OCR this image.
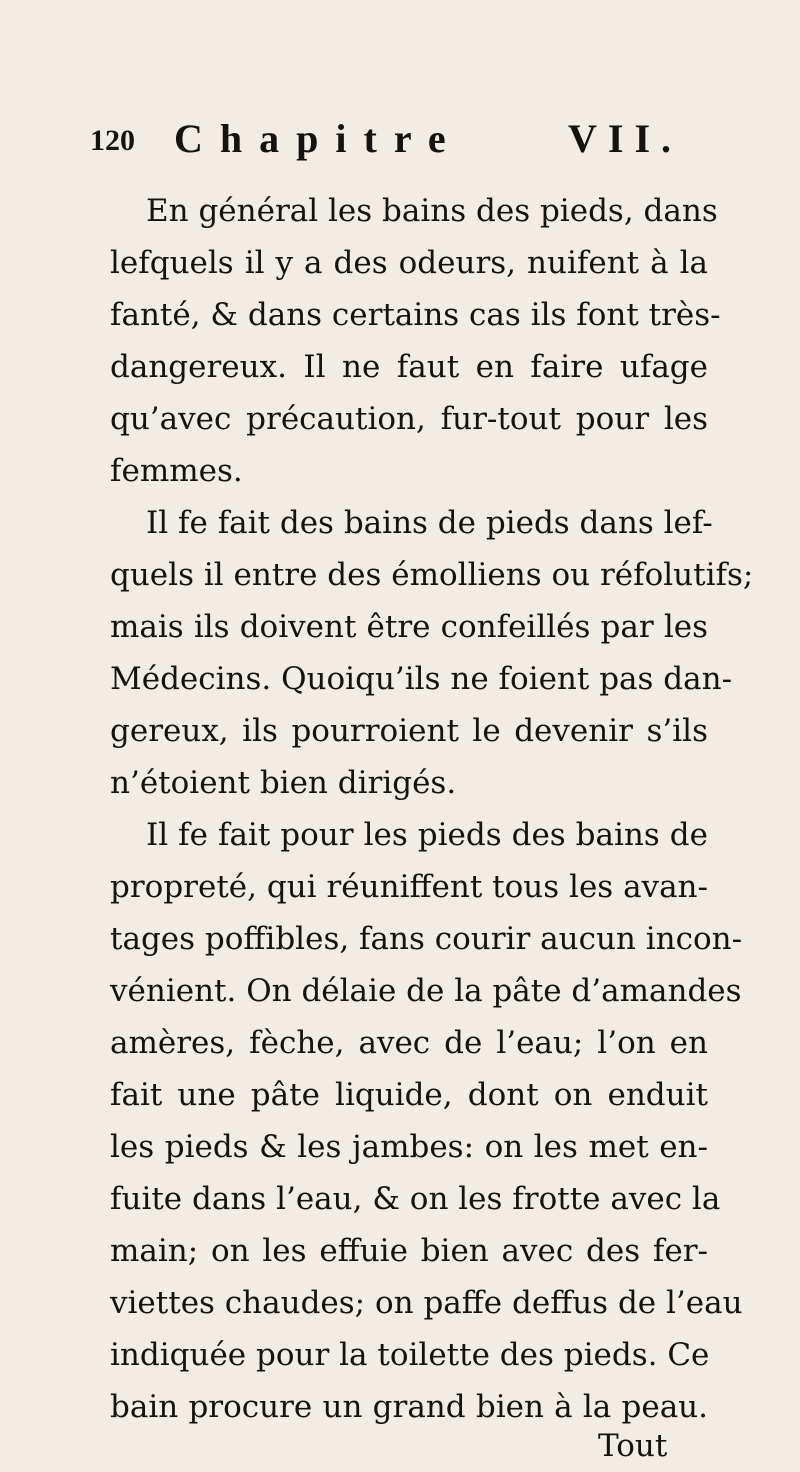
120 Chapitre	VII.
En général les bains des pieds, dans
lefquels il y a des odeurs, nuifent à la
fanté, & dans certains cas ils font très-
dangereux. Il ne faut en faire ufage
qu’avec précaution, fur-tout pour les
femmes.
Il fe fait des bains de pieds dans lef-
quels il entre des émolliens ou réfolutifs;
mais ils doivent être confeillés par les
Médecins. Quoiqu’ils ne foient pas dan-
gereux, ils pourroient le devenir s’ils
n’étoient bien dirigés.
Il fe fait pour les pieds des bains de
propreté, qui réuniffent tous les avan-
tages poffibles, fans courir aucun incon-
vénient. On délaie de la pâte d’amandes
amères, fèche, avec de l’eau; l’on en
fait une pâte liquide, dont on enduit
les pieds & les jambes: on les met en-
fuite dans l’eau, & on les frotte avec la
main; on les effuie bien avec des fer-
viettes chaudes; on paffe deffus de l’eau
indiquée pour la toilette des pieds. Ce
bain procure un grand bien à la peau.
Tout
